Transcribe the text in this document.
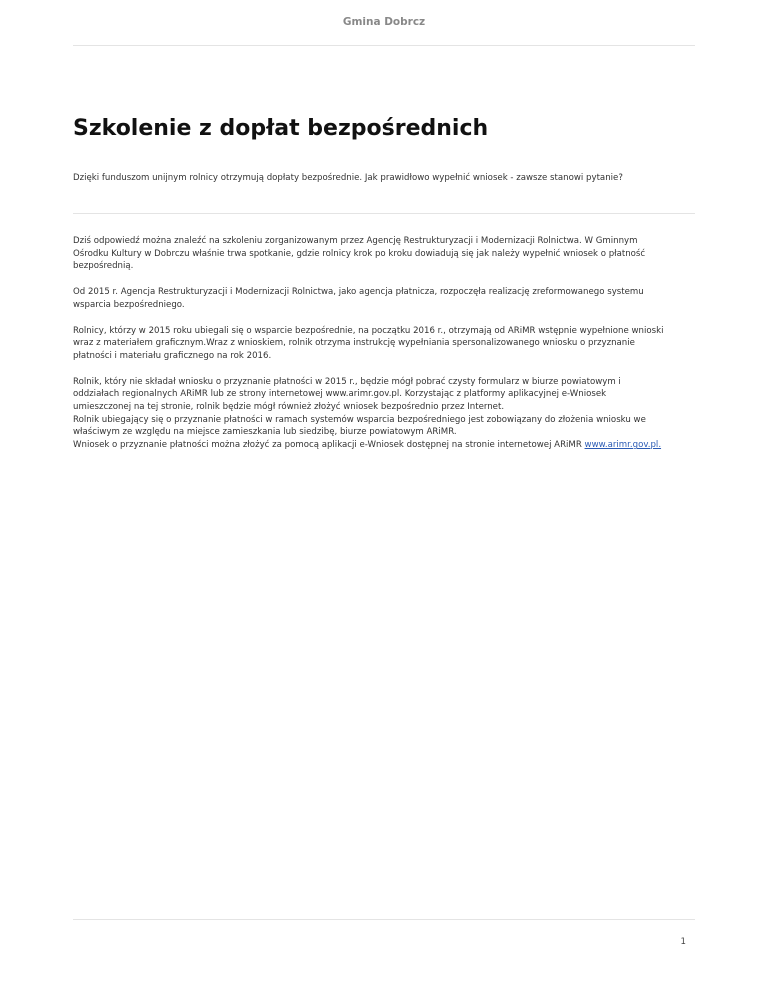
Gmina Dobrcz
Szkolenie z dopłat bezpośrednich

Dzięki funduszom unijnym rolnicy otrzymują dopłaty bezpośrednie. Jak prawidłowo wypełnić wniosek - zawsze stanowi pytanie?

Dziś odpowiedź można znaleźć na szkoleniu zorganizowanym przez Agencję Restrukturyzacji i Modernizacji Rolnictwa. W Gminnym
Ośrodku Kultury w Dobrczu właśnie trwa spotkanie, gdzie rolnicy krok po kroku dowiadują się jak należy wypełnić wniosek o płatność
bezpośrednią.

Od 2015 r. Agencja Restrukturyzacji i Modernizacji Rolnictwa, jako agencja płatnicza, rozpoczęła realizację zreformowanego systemu
wsparcia bezpośredniego.

Rolnicy, którzy w 2015 roku ubiegali się o wsparcie bezpośrednie, na początku 2016 r., otrzymają od ARiMR wstępnie wypełnione wnioski
wraz z materiałem graficznym.Wraz z wnioskiem, rolnik otrzyma instrukcję wypełniania spersonalizowanego wniosku o przyznanie
płatności i materiału graficznego na rok 2016.

Rolnik, który nie składał wniosku o przyznanie płatności w 2015 r., będzie mógł pobrać czysty formularz w biurze powiatowym i
oddziałach regionalnych ARiMR lub ze strony internetowej www.arimr.gov.pl. Korzystając z platformy aplikacyjnej e-Wniosek
umieszczonej na tej stronie, rolnik będzie mógł również złożyć wniosek bezpośrednio przez Internet.
Rolnik ubiegający się o przyznanie płatności w ramach systemów wsparcia bezpośredniego jest zobowiązany do złożenia wniosku we
właściwym ze względu na miejsce zamieszkania lub siedzibę, biurze powiatowym ARiMR.
Wniosek o przyznanie płatności można złożyć za pomocą aplikacji e-Wniosek dostępnej na stronie internetowej ARiMR www.arimr.gov.pl.

1
